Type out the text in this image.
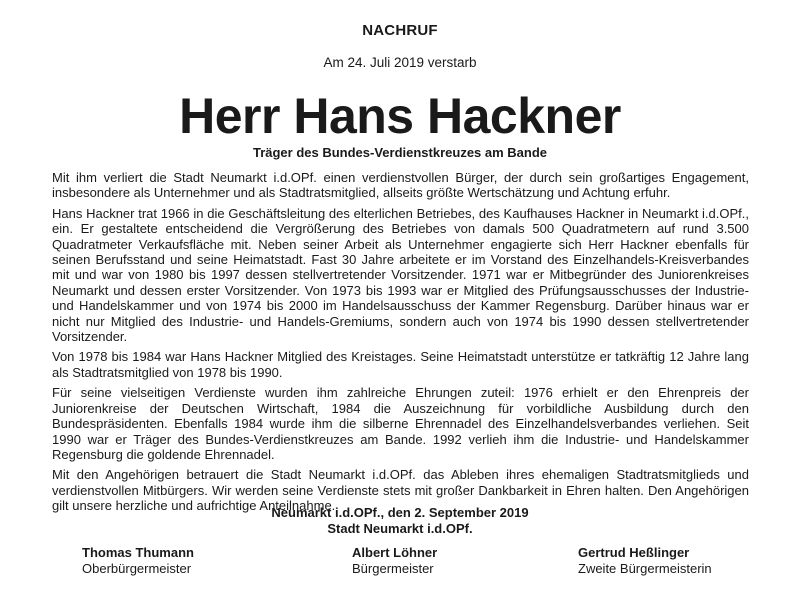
NACHRUF
Am 24. Juli 2019 verstarb
Herr Hans Hackner
Träger des Bundes-Verdienstkreuzes am Bande

Mit ihm verliert die Stadt Neumarkt i.d.OPf. einen verdienstvollen Bürger, der durch sein großartiges Engagement, insbesondere als Unternehmer und als Stadtratsmitglied, allseits größte Wertschätzung und Achtung erfuhr.

Hans Hackner trat 1966 in die Geschäftsleitung des elterlichen Betriebes, des Kaufhauses Hackner in Neumarkt i.d.OPf., ein. Er gestaltete entscheidend die Vergrößerung des Betriebes von damals 500 Quadratmetern auf rund 3.500 Quadratmeter Verkaufsfläche mit. Neben seiner Arbeit als Unternehmer engagierte sich Herr Hackner ebenfalls für seinen Berufsstand und seine Heimatstadt. Fast 30 Jahre arbeitete er im Vorstand des Einzelhandels-Kreisverbandes mit und war von 1980 bis 1997 dessen stellvertretender Vorsitzender. 1971 war er Mitbegründer des Juniorenkreises Neumarkt und dessen erster Vorsitzender. Von 1973 bis 1993 war er Mitglied des Prüfungsausschusses der Industrie- und Handelskammer und von 1974 bis 2000 im Handelsausschuss der Kammer Regensburg. Darüber hinaus war er nicht nur Mitglied des Industrie- und Handels-Gremiums, sondern auch von 1974 bis 1990 dessen stellvertretender Vorsitzender.

Von 1978 bis 1984 war Hans Hackner Mitglied des Kreistages. Seine Heimatstadt unterstütze er tatkräftig 12 Jahre lang als Stadtratsmitglied von 1978 bis 1990.

Für seine vielseitigen Verdienste wurden ihm zahlreiche Ehrungen zuteil: 1976 erhielt er den Ehrenpreis der Juniorenkreise der Deutschen Wirtschaft, 1984 die Auszeichnung für vorbildliche Ausbildung durch den Bundespräsidenten. Ebenfalls 1984 wurde ihm die silberne Ehrennadel des Einzelhandelsverbandes verliehen. Seit 1990 war er Träger des Bundes-Verdienstkreuzes am Bande. 1992 verlieh ihm die Industrie- und Handelskammer Regensburg die goldende Ehrennadel.

Mit den Angehörigen betrauert die Stadt Neumarkt i.d.OPf. das Ableben ihres ehemaligen Stadtratsmitglieds und verdienstvollen Mitbürgers. Wir werden seine Verdienste stets mit großer Dankbarkeit in Ehren halten. Den Angehörigen gilt unsere herzliche und aufrichtige Anteilnahme.

Neumarkt i.d.OPf., den 2. September 2019
Stadt Neumarkt i.d.OPf.
Thomas Thumann
Oberbürgermeister
Albert Löhner
Bürgermeister
Gertrud Heßlinger
Zweite Bürgermeisterin
